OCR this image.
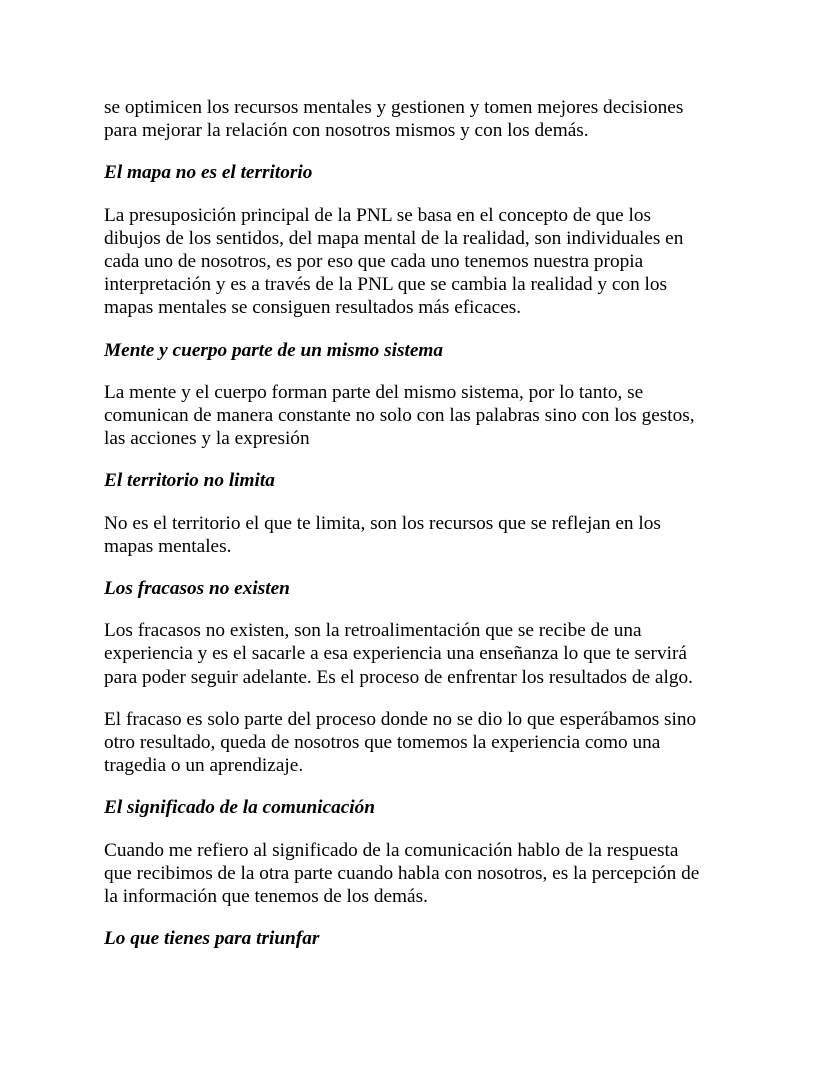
se optimicen los recursos mentales y gestionen y tomen mejores decisiones
para mejorar la relación con nosotros mismos y con los demás.

El mapa no es el territorio

La presuposición principal de la PNL se basa en el concepto de que los
dibujos de los sentidos, del mapa mental de la realidad, son individuales en
cada uno de nosotros, es por eso que cada uno tenemos nuestra propia
interpretación y es a través de la PNL que se cambia la realidad y con los
mapas mentales se consiguen resultados más eficaces.

Mente y cuerpo parte de un mismo sistema

La mente y el cuerpo forman parte del mismo sistema, por lo tanto, se
comunican de manera constante no solo con las palabras sino con los gestos,
las acciones y la expresión

El territorio no limita

No es el territorio el que te limita, son los recursos que se reflejan en los
mapas mentales.

Los fracasos no existen

Los fracasos no existen, son la retroalimentación que se recibe de una
experiencia y es el sacarle a esa experiencia una enseñanza lo que te servirá
para poder seguir adelante. Es el proceso de enfrentar los resultados de algo.

El fracaso es solo parte del proceso donde no se dio lo que esperábamos sino
otro resultado, queda de nosotros que tomemos la experiencia como una
tragedia o un aprendizaje.

El significado de la comunicación

Cuando me refiero al significado de la comunicación hablo de la respuesta
que recibimos de la otra parte cuando habla con nosotros, es la percepción de
la información que tenemos de los demás.

Lo que tienes para triunfar
